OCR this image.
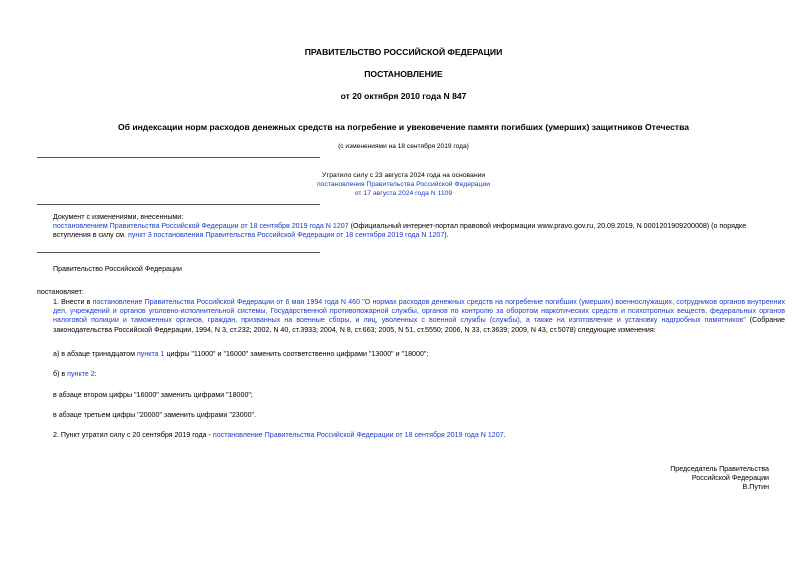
ПРАВИТЕЛЬСТВО РОССИЙСКОЙ ФЕДЕРАЦИИ
ПОСТАНОВЛЕНИЕ
от 20 октября 2010 года N 847
Об индексации норм расходов денежных средств на погребение и увековечение памяти погибших (умерших) защитников Отечества
(с изменениями на 18 сентября 2019 года)
Утратило силу с 23 августа 2024 года на основании
постановления Правительства Российской Федерации
от 17 августа 2024 года N 1109
Документ с изменениями, внесенными:
постановлением Правительства Российской Федерации от 18 сентября 2019 года N 1207 (Официальный интернет-портал правовой информации www.pravo.gov.ru, 20.09.2019, N 0001201909200008) (о порядке вступления в силу см. пункт 3 постановления Правительства Российской Федерации от 18 сентября 2019 года N 1207).
Правительство Российской Федерации
постановляет:
1. Внести в постановление Правительства Российской Федерации от 6 мая 1994 года N 460 "О нормах расходов денежных средств на погребение погибших (умерших) военнослужащих, сотрудников органов внутренних дел, учреждений и органов уголовно-исполнительной системы, Государственной противопожарной службы, органов по контролю за оборотом наркотических средств и психотропных веществ, федеральных органов налоговой полиции и таможенных органов, граждан, призванных на военные сборы, и лиц, уволенных с военной службы (службы), а также на изготовление и установку надгробных памятников" (Собрание законодательства Российской Федерации, 1994, N 3, ст.232; 2002, N 40, ст.3933; 2004, N 8, ст.663; 2005, N 51, ст.5550; 2006, N 33, ст.3639; 2009, N 43, ст.5078) следующие изменения:
а) в абзаце тринадцатом пункта 1 цифры "11000" и "16000" заменить соответственно цифрами "13000" и "18000";
б) в пункте 2:
в абзаце втором цифры "16000" заменить цифрами "18000";
в абзаце третьем цифры "20000" заменить цифрами "23000".
2. Пункт утратил силу с 20 сентября 2019 года - постановление Правительства Российской Федерации от 18 сентября 2019 года N 1207.
Председатель Правительства
Российской Федерации
В.Путин
